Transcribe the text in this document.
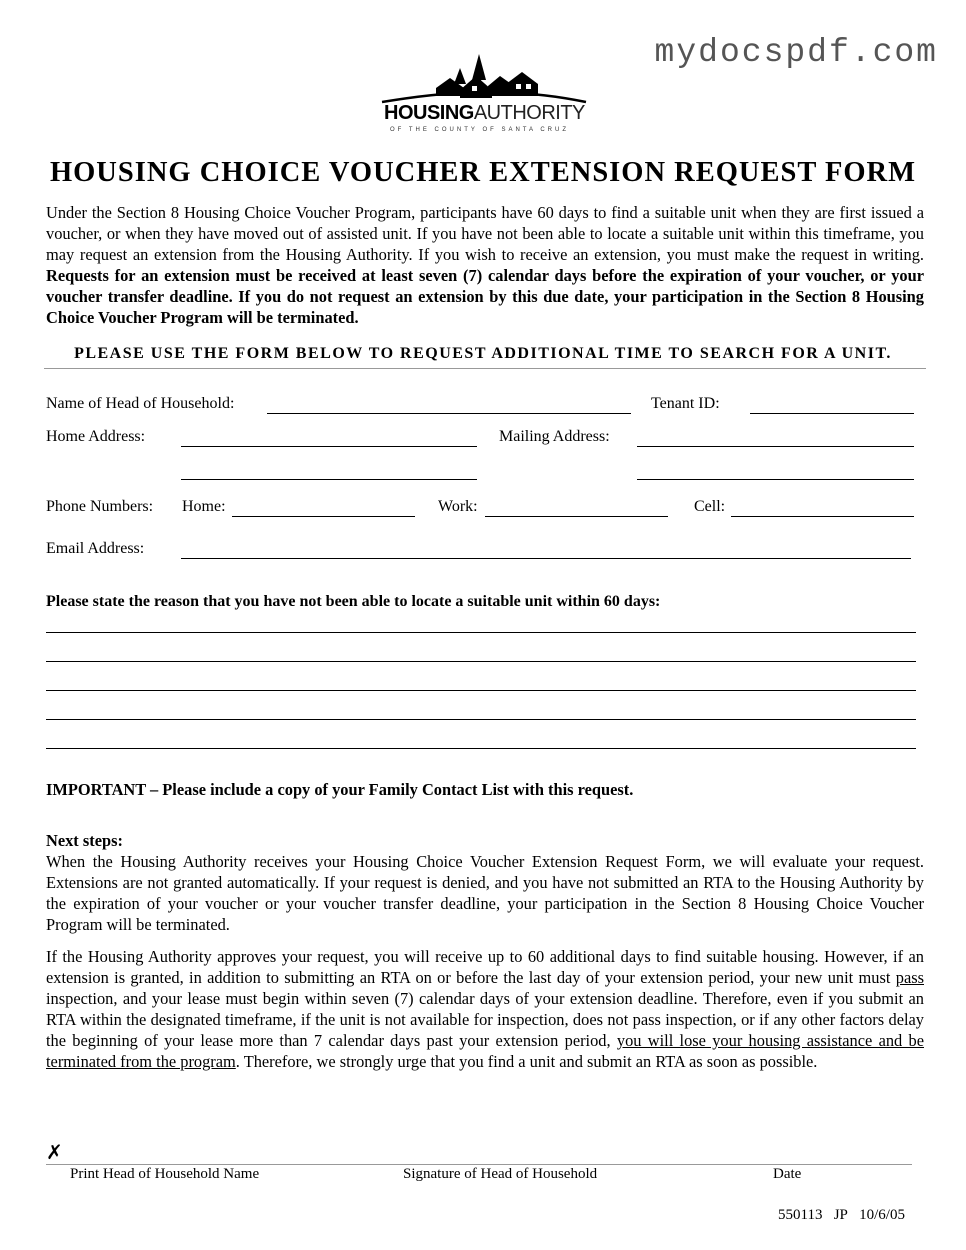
mydocspdf.com
HOUSINGAUTHORITY
OF THE COUNTY OF SANTA CRUZ
HOUSING CHOICE VOUCHER EXTENSION REQUEST FORM
Under the Section 8 Housing Choice Voucher Program, participants have 60 days to find a suitable unit when they are first issued a voucher, or when they have moved out of assisted unit. If you have not been able to locate a suitable unit within this timeframe, you may request an extension from the Housing Authority. If you wish to receive an extension, you must make the request in writing. Requests for an extension must be received at least seven (7) calendar days before the expiration of your voucher, or your voucher transfer deadline. If you do not request an extension by this due date, your participation in the Section 8 Housing Choice Voucher Program will be terminated.
PLEASE USE THE FORM BELOW TO REQUEST ADDITIONAL TIME TO SEARCH FOR A UNIT.
Name of Head of Household:	Tenant ID:
Home Address:	Mailing Address:
Phone Numbers: Home:	Work:	Cell:
Email Address:
Please state the reason that you have not been able to locate a suitable unit within 60 days:
IMPORTANT – Please include a copy of your Family Contact List with this request.
Next steps:
When the Housing Authority receives your Housing Choice Voucher Extension Request Form, we will evaluate your request. Extensions are not granted automatically. If your request is denied, and you have not submitted an RTA to the Housing Authority by the expiration of your voucher or your voucher transfer deadline, your participation in the Section 8 Housing Choice Voucher Program will be terminated.
If the Housing Authority approves your request, you will receive up to 60 additional days to find suitable housing. However, if an extension is granted, in addition to submitting an RTA on or before the last day of your extension period, your new unit must pass inspection, and your lease must begin within seven (7) calendar days of your extension deadline. Therefore, even if you submit an RTA within the designated timeframe, if the unit is not available for inspection, does not pass inspection, or if any other factors delay the beginning of your lease more than 7 calendar days past your extension period, you will lose your housing assistance and be terminated from the program. Therefore, we strongly urge that you find a unit and submit an RTA as soon as possible.
✗
Print Head of Household Name	Signature of Head of Household	Date
550113 JP 10/6/05
